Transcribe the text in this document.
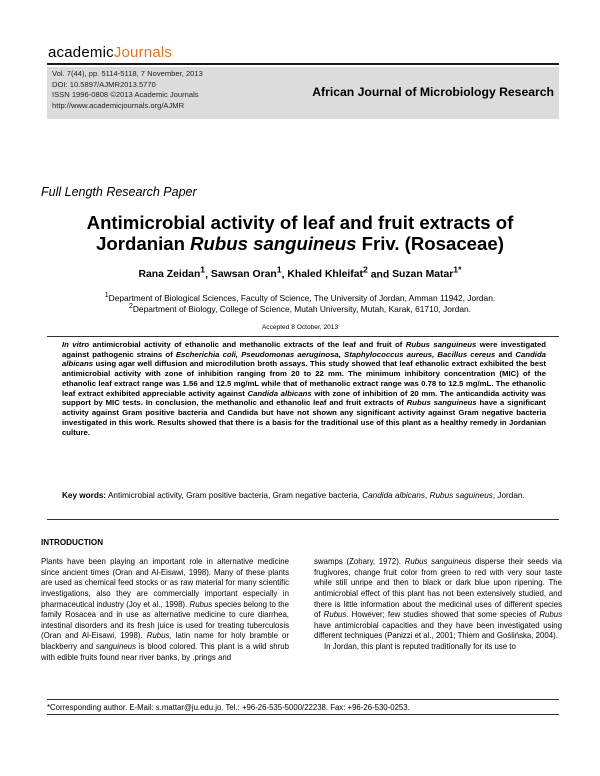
academicJournals
Vol. 7(44), pp. 5114-5118, 7 November, 2013
DOI: 10.5897/AJMR2013.5770
ISSN 1996-0808 ©2013 Academic Journals
http://www.academicjournals.org/AJMR
African Journal of Microbiology Research
Full Length Research Paper
Antimicrobial activity of leaf and fruit extracts of
Jordanian Rubus sanguineus Friv. (Rosaceae)
Rana Zeidan$^1$, Sawsan Oran$^1$, Khaled Khleifat$^2$ and Suzan Matar$^{1*}$
$^1$Department of Biological Sciences, Faculty of Science, The University of Jordan, Amman 11942, Jordan.
$^2$Department of Biology, College of Science, Mutah University, Mutah, Karak, 61710, Jordan.
Accepted 8 October, 2013
In vitro antimicrobial activity of ethanolic and methanolic extracts of the leaf and fruit of Rubus sanguineus were investigated against pathogenic strains of Escherichia coli, Pseudomonas aeruginosa, Staphylococcus aureus, Bacillus cereus and Candida albicans using agar well diffusion and microdilution broth assays. This study showed that leaf ethanolic extract exhibited the best antimicrobial activity with zone of inhibition ranging from 20 to 22 mm. The minimum inhibitory concentration (MIC) of the ethanolic leaf extract range was 1.56 and 12.5 mg/mL while that of methanolic extract range was 0.78 to 12.5 mg/mL. The ethanolic leaf extract exhibited appreciable activity against Candida albicans with zone of inhibition of 20 mm. The anticandida activity was support by MIC tests. In conclusion, the methanolic and ethanolic leaf and fruit extracts of Rubus sanguineus have a significant activity against Gram positive bacteria and Candida but have not shown any significant activity against Gram negative bacteria investigated in this work. Results showed that there is a basis for the traditional use of this plant as a healthy remedy in Jordanian culture.
Key words: Antimicrobial activity, Gram positive bacteria, Gram negative bacteria, Candida albicans, Rubus saguineus, Jordan.
INTRODUCTION
Plants have been playing an important role in alternative medicine since ancient times (Oran and Al-Eisawi, 1998). Many of these plants are used as chemical feed stocks or as raw material for many scientific investigations, also they are commercially important especially in pharmaceutical industry (Joy et al., 1998). Rubus species belong to the family Rosacea and in use as alternative medicine to cure diarrhea, intestinal disorders and its fresh juice is used for treating tuberculosis (Oran and Al-Eisawi, 1998). Rubus, latin name for holy bramble or blackberry and sanguineus is blood colored. This plant is a wild shrub with edible fruits found near river banks, by .prings and
swamps (Zohary, 1972). Rubus sanguineus disperse their seeds via frugivores, change fruit color from green to red with very sour taste while still unripe and then to black or dark blue upon ripening. The antimicrobial effect of this plant has not been extensively studied, and there is little information about the medicinal uses of different species of Rubus. However; few studies showed that some species of Rubus have antimicrobial capacities and they have been investigated using different techniques (Panizzi et al., 2001; Thiem and Goślińska, 2004).
In Jordan, this plant is reputed traditionally for its use to
*Corresponding author. E-Mail: s.mattar@ju.edu.jo. Tel.: +96-26-535-5000/22238. Fax: +96-26-530-0253.
